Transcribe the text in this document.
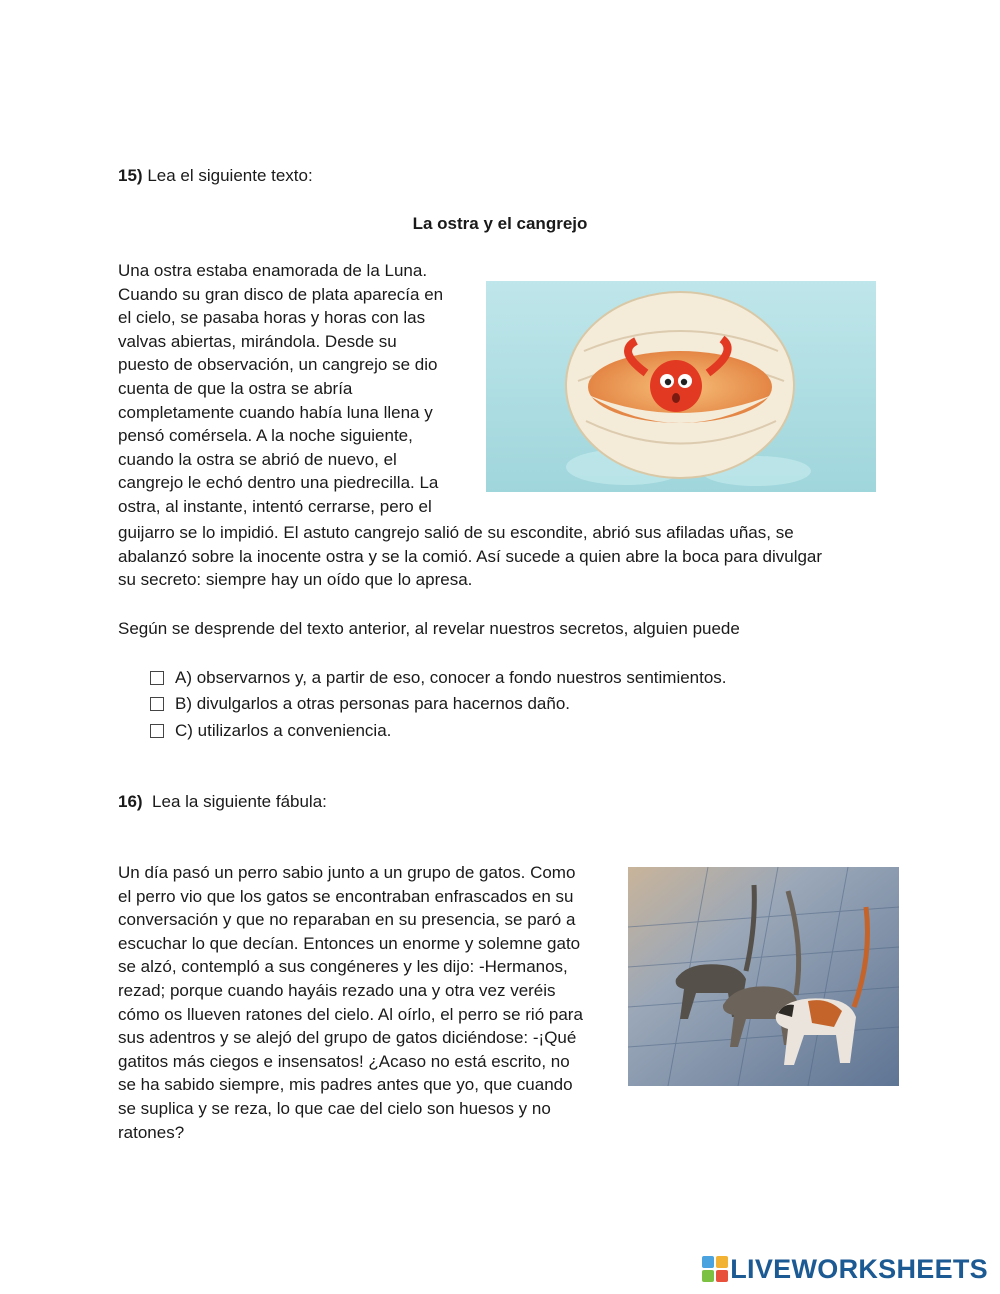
15) Lea el siguiente texto:
La ostra y el cangrejo
Una ostra estaba enamorada de la Luna.
Cuando su gran disco de plata aparecía en
el cielo, se pasaba horas y horas con las
valvas abiertas, mirándola. Desde su
puesto de observación, un cangrejo se dio
cuenta de que la ostra se abría
completamente cuando había luna llena y
pensó comérsela. A la noche siguiente,
cuando la ostra se abrió de nuevo, el
cangrejo le echó dentro una piedrecilla. La
ostra, al instante, intentó cerrarse, pero el
guijarro se lo impidió. El astuto cangrejo salió de su escondite, abrió sus afiladas uñas, se
abalanzó sobre la inocente ostra y se la comió. Así sucede a quien abre la boca para divulgar
su secreto: siempre hay un oído que lo apresa.
Según se desprende del texto anterior, al revelar nuestros secretos, alguien puede
A) observarnos y, a partir de eso, conocer a fondo nuestros sentimientos.
B) divulgarlos a otras personas para hacernos daño.
C) utilizarlos a conveniencia.
16) Lea la siguiente fábula:
Un día pasó un perro sabio junto a un grupo de gatos. Como
el perro vio que los gatos se encontraban enfrascados en su
conversación y que no reparaban en su presencia, se paró a
escuchar lo que decían. Entonces un enorme y solemne gato
se alzó, contempló a sus congéneres y les dijo: -Hermanos,
rezad; porque cuando hayáis rezado una y otra vez veréis
cómo os llueven ratones del cielo. Al oírlo, el perro se rió para
sus adentros y se alejó del grupo de gatos diciéndose: -¡Qué
gatitos más ciegos e insensatos! ¿Acaso no está escrito, no
se ha sabido siempre, mis padres antes que yo, que cuando
se suplica y se reza, lo que cae del cielo son huesos y no
ratones?
LIVEWORKSHEETS
